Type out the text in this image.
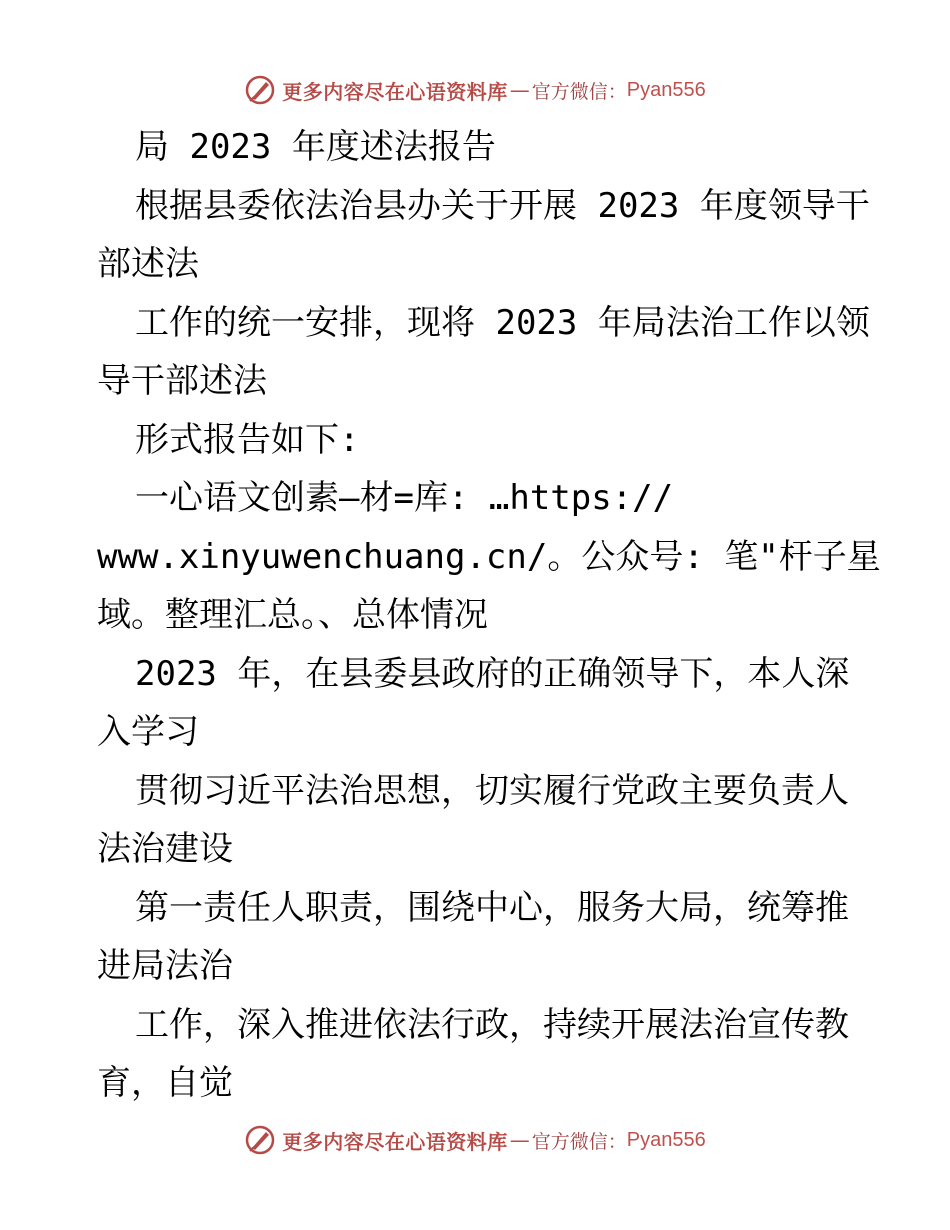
更多内容尽在心语资料库 — 官方微信： Pyan556
局 2023 年度述法报告
根据县委依法治县办关于开展 2023 年度领导干
部述法
工作的统一安排，现将 2023 年局法治工作以领
导干部述法
形式报告如下:
一心语文创素—材=库: …https://
www.xinyuwenchuang.cn/。公众号: 笔"杆子星
域。整理汇总。、总体情况
2023 年，在县委县政府的正确领导下，本人深
入学习
贯彻习近平法治思想，切实履行党政主要负责人
法治建设
第一责任人职责，围绕中心，服务大局，统筹推
进局法治
工作，深入推进依法行政，持续开展法治宣传教
育，自觉
更多内容尽在心语资料库 — 官方微信： Pyan556
